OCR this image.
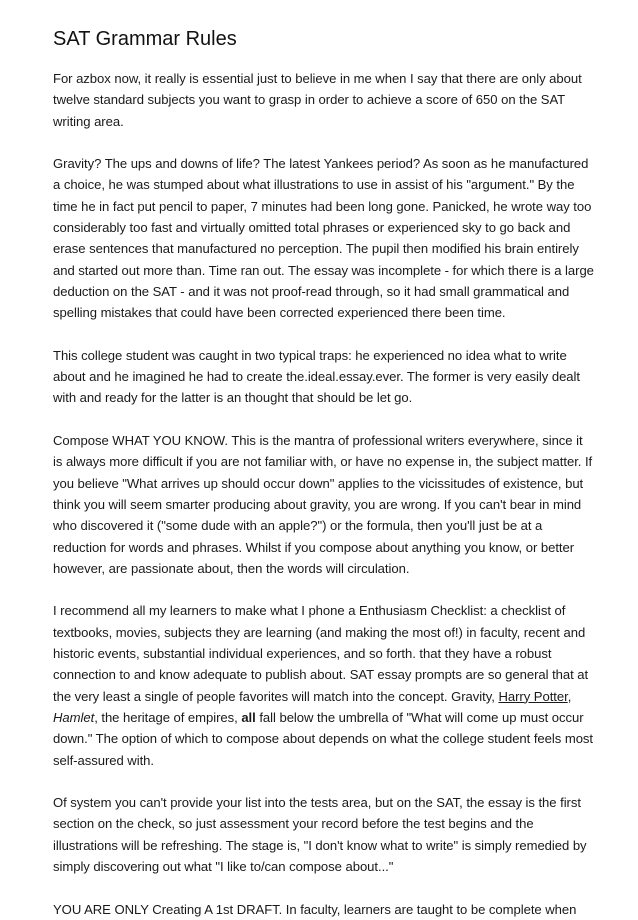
SAT Grammar Rules

For azbox now, it really is essential just to believe in me when I say that there are only about twelve standard subjects you want to grasp in order to achieve a score of 650 on the SAT writing area.

Gravity? The ups and downs of life? The latest Yankees period? As soon as he manufactured a choice, he was stumped about what illustrations to use in assist of his "argument." By the time he in fact put pencil to paper, 7 minutes had been long gone. Panicked, he wrote way too considerably too fast and virtually omitted total phrases or experienced sky to go back and erase sentences that manufactured no perception. The pupil then modified his brain entirely and started out more than. Time ran out. The essay was incomplete - for which there is a large deduction on the SAT - and it was not proof-read through, so it had small grammatical and spelling mistakes that could have been corrected experienced there been time.

This college student was caught in two typical traps: he experienced no idea what to write about and he imagined he had to create the.ideal.essay.ever. The former is very easily dealt with and ready for the latter is an thought that should be let go.

Compose WHAT YOU KNOW. This is the mantra of professional writers everywhere, since it is always more difficult if you are not familiar with, or have no expense in, the subject matter. If you believe "What arrives up should occur down" applies to the vicissitudes of existence, but think you will seem smarter producing about gravity, you are wrong. If you can't bear in mind who discovered it ("some dude with an apple?") or the formula, then you'll just be at a reduction for words and phrases. Whilst if you compose about anything you know, or better however, are passionate about, then the words will circulation.

I recommend all my learners to make what I phone a Enthusiasm Checklist: a checklist of textbooks, movies, subjects they are learning (and making the most of!) in faculty, recent and historic events, substantial individual experiences, and so forth. that they have a robust connection to and know adequate to publish about. SAT essay prompts are so general that at the very least a single of people favorites will match into the concept. Gravity, Harry Potter, Hamlet, the heritage of empires, all fall below the umbrella of "What will come up must occur down." The option of which to compose about depends on what the college student feels most self-assured with.

Of system you can't provide your list into the tests area, but on the SAT, the essay is the first section on the check, so just assessment your record before the test begins and the illustrations will be refreshing. The stage is, "I don't know what to write" is simply remedied by simply discovering out what "I like to/can compose about..."

YOU ARE ONLY Creating A 1st DRAFT. In faculty, learners are taught to be complete when
